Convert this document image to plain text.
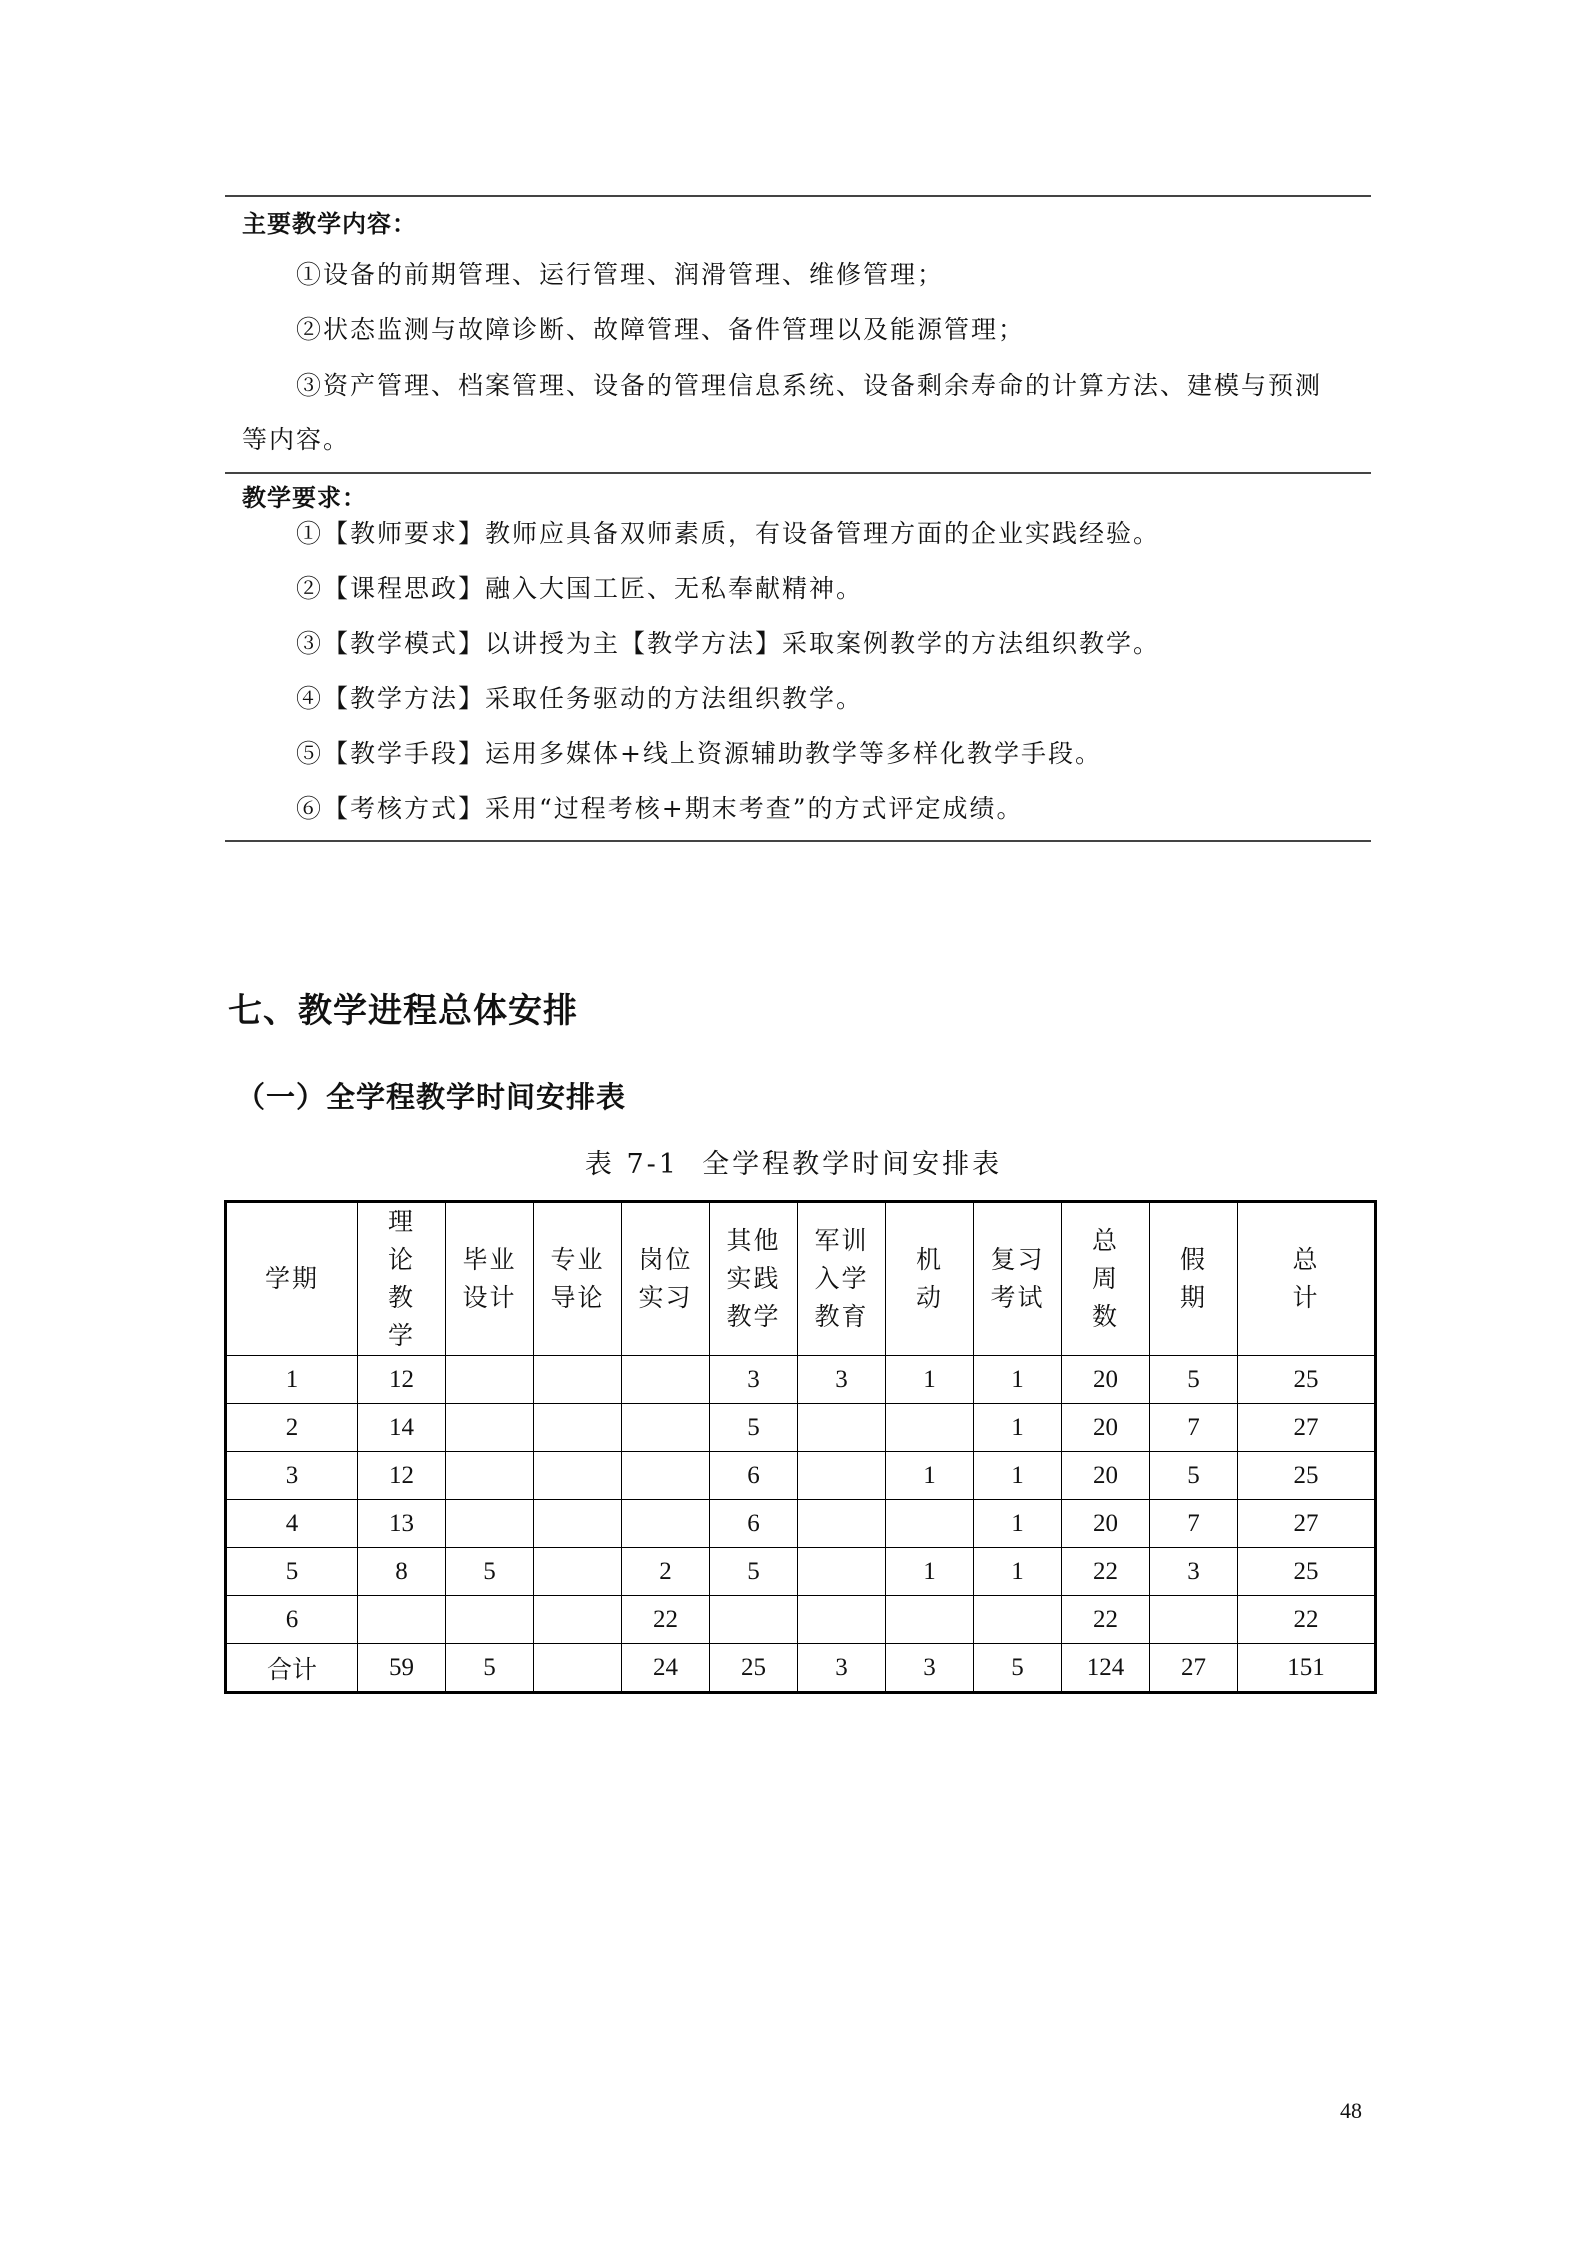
主要教学内容：
①设备的前期管理、运行管理、润滑管理、维修管理；
②状态监测与故障诊断、故障管理、备件管理以及能源管理；
③资产管理、档案管理、设备的管理信息系统、设备剩余寿命的计算方法、建模与预测
等内容。
教学要求：
①【教师要求】教师应具备双师素质，有设备管理方面的企业实践经验。
②【课程思政】融入大国工匠、无私奉献精神。
③【教学模式】以讲授为主【教学方法】采取案例教学的方法组织教学。
④【教学方法】采取任务驱动的方法组织教学。
⑤【教学手段】运用多媒体+线上资源辅助教学等多样化教学手段。
⑥【考核方式】采用“过程考核+期末考查”的方式评定成绩。
七、教学进程总体安排
（一）全学程教学时间安排表
表 7-1  全学程教学时间安排表
学期	理
论
教
学	毕业
设计	专业
导论	岗位
实习	其他
实践
教学	军训
入学
教育	机
动	复习
考试	总
周
数	假
期	总
计
1	12				3	3	1	1	20	5	25
2	14				5			1	20	7	27
3	12				6		1	1	20	5	25
4	13				6			1	20	7	27
5	8	5		2	5		1	1	22	3	25
6				22					22		22
合计	59	5		24	25	3	3	5	124	27	151
48
